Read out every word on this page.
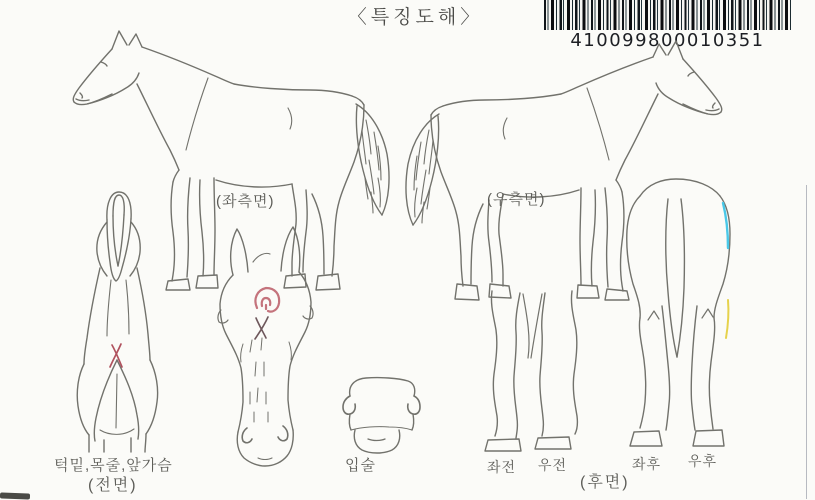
〈특징도해〉
410099800010351
(좌측면)	(우측면)
턱밑,목줄,앞가슴
(전면)
입술	좌전 우전
(후면)
좌후 우후
